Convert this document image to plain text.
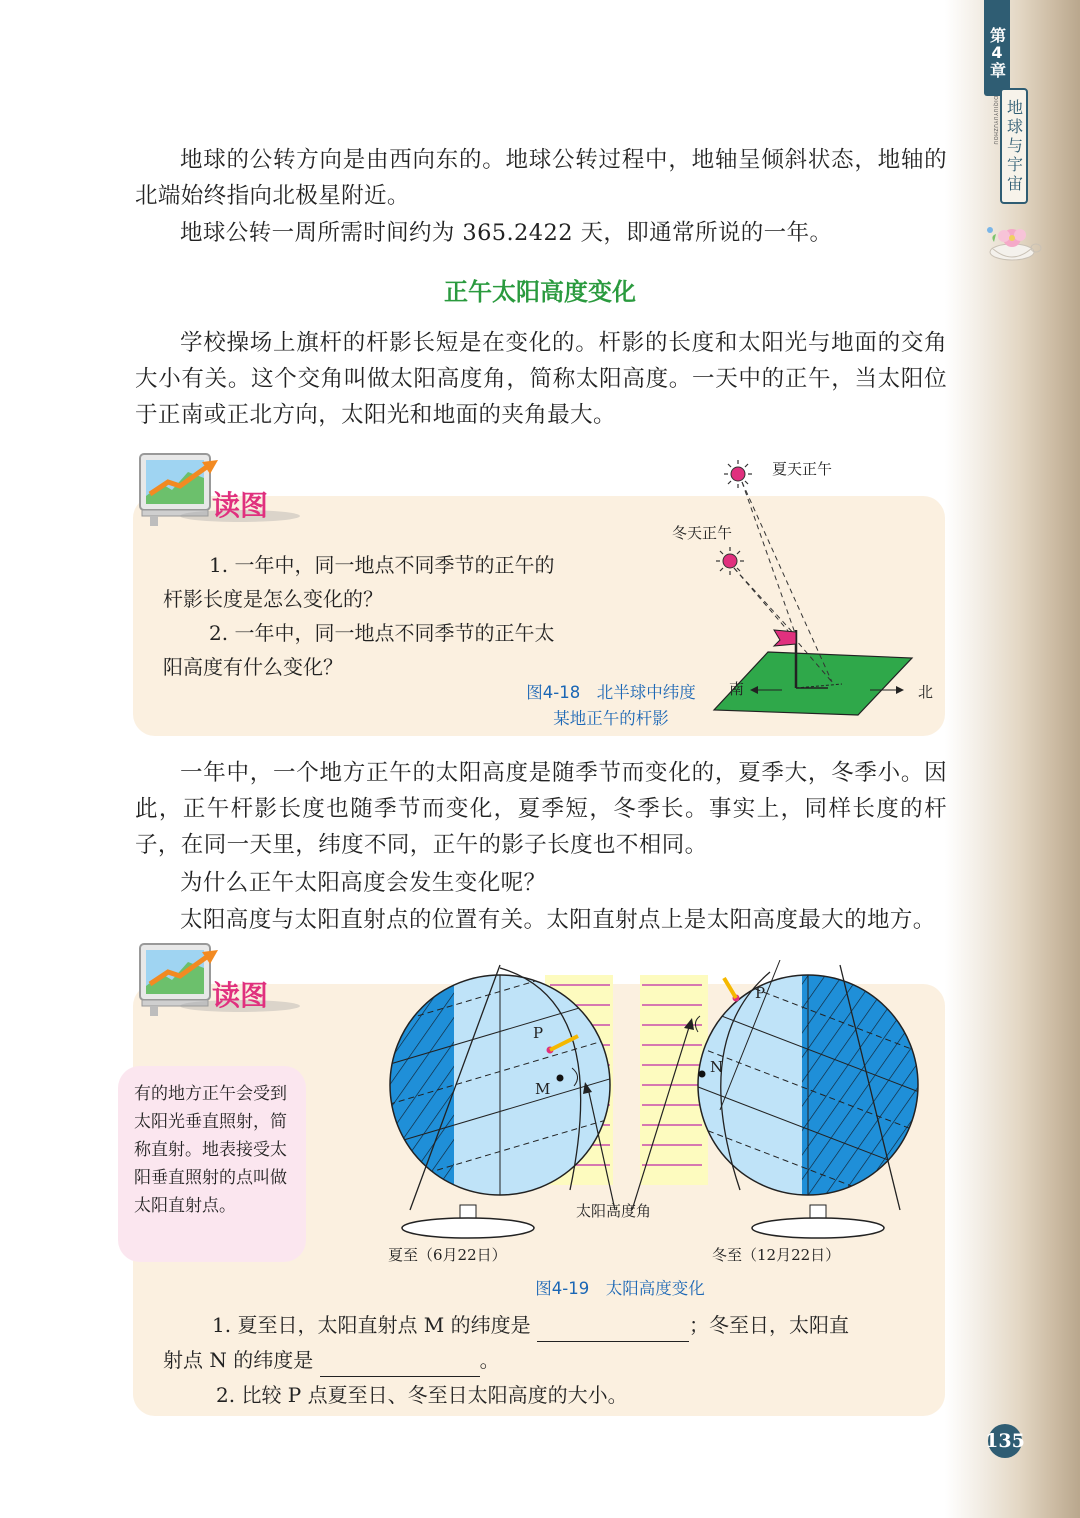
第4章
DIQIUYUYUZHOU 地球与宇宙

地球的公转方向是由西向东的。地球公转过程中，地轴呈倾斜状态，地轴的北端始终指向北极星附近。

地球公转一周所需时间约为 365.2422 天，即通常所说的一年。

正午太阳高度变化

学校操场上旗杆的杆影长短是在变化的。杆影的长度和太阳光与地面的交角大小有关。这个交角叫做太阳高度角，简称太阳高度。一天中的正午，当太阳位于正南或正北方向，太阳光和地面的夹角最大。

读图

1. 一年中，同一地点不同季节的正午的杆影长度是怎么变化的？

2. 一年中，同一地点不同季节的正午太阳高度有什么变化？

图4-18　北半球中纬度
某地正午的杆影
夏天正午
冬天正午
南	北

一年中，一个地方正午的太阳高度是随季节而变化的，夏季大，冬季小。因此，正午杆影长度也随季节而变化，夏季短，冬季长。事实上，同样长度的杆子，在同一天里，纬度不同，正午的影子长度也不相同。

为什么正午太阳高度会发生变化呢？

太阳高度与太阳直射点的位置有关。太阳直射点上是太阳高度最大的地方。

读图
有的地方正午会受到太阳光垂直照射，简称直射。地表接受太阳垂直照射的点叫做太阳直射点。
P
M
P
N
太阳高度角
夏至（6月22日）	冬至（12月22日）
图4-19　太阳高度变化
1. 夏至日，太阳直射点 M 的纬度是	；冬至日，太阳直
射点 N 的纬度是	。
2. 比较 P 点夏至日、冬至日太阳高度的大小。
135
